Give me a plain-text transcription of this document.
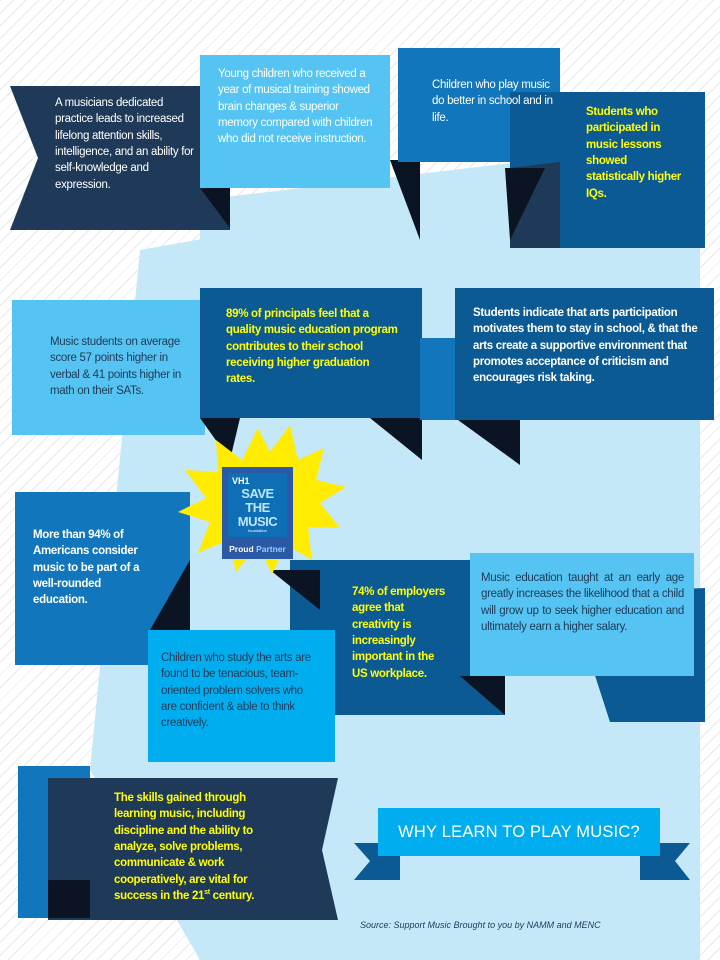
A musicians dedicated practice leads to increased lifelong attention skills, intelligence, and an ability for self-knowledge and expression.
Young children who received a year of musical training showed brain changes & superior memory compared with children who did not receive instruction.
Children who play music do better in school and in life.	Students who participated in music lessons showed statistically higher IQs.
Music students on average score 57 points higher in verbal & 41 points higher in math on their SATs.
89% of principals feel that a quality music education program contributes to their school receiving higher graduation rates.
Students indicate that arts participation motivates them to stay in school, & that the arts create a supportive environment that promotes acceptance of criticism and encourages risk taking.
More than 94% of Americans consider music to be part of a well-rounded education.
74% of employers agree that creativity is increasingly important in the US workplace.
Music education taught at an early age greatly increases the likelihood that a child will grow up to seek higher education and ultimately earn a higher salary.
Children who study the arts are found to be tenacious, team-oriented problem solvers who are confident & able to think creatively.
The skills gained through learning music, including discipline and the ability to analyze, solve problems, communicate & work cooperatively, are vital for success in the 21st century.
VH1
SAVE
THE
MUSIC
foundation
Proud Partner
WHY LEARN TO PLAY MUSIC?
Source: Support Music Brought to you by NAMM and MENC
